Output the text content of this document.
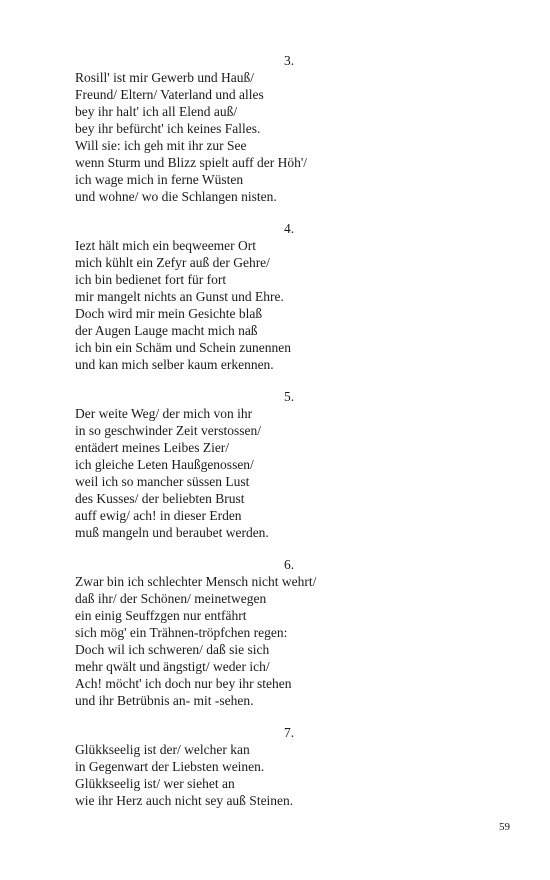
3.
Rosill' ist mir Gewerb und Hauß/
Freund/ Eltern/ Vaterland und alles
bey ihr halt' ich all Elend auß/
bey ihr befürcht' ich keines Falles.
Will sie: ich geh mit ihr zur See
wenn Sturm und Blizz spielt auff der Höh'/
ich wage mich in ferne Wüsten
und wohne/ wo die Schlangen nisten.
4.
Iezt hält mich ein beqweemer Ort
mich kühlt ein Zefyr auß der Gehre/
ich bin bedienet fort für fort
mir mangelt nichts an Gunst und Ehre.
Doch wird mir mein Gesichte blaß
der Augen Lauge macht mich naß
ich bin ein Schäm und Schein zunennen
und kan mich selber kaum erkennen.
5.
Der weite Weg/ der mich von ihr
in so geschwinder Zeit verstossen/
entädert meines Leibes Zier/
ich gleiche Leten Haußgenossen/
weil ich so mancher süssen Lust
des Kusses/ der beliebten Brust
auff ewig/ ach! in dieser Erden
muß mangeln und beraubet werden.
6.
Zwar bin ich schlechter Mensch nicht wehrt/
daß ihr/ der Schönen/ meinetwegen
ein einig Seuffzgen nur entfährt
sich mög' ein Trähnen-tröpfchen regen:
Doch wil ich schweren/ daß sie sich
mehr qwält und ängstigt/ weder ich/
Ach! möcht' ich doch nur bey ihr stehen
und ihr Betrübnis an- mit -sehen.
7.
Glükkseelig ist der/ welcher kan
in Gegenwart der Liebsten weinen.
Glükkseelig ist/ wer siehet an
wie ihr Herz auch nicht sey auß Steinen.
59
